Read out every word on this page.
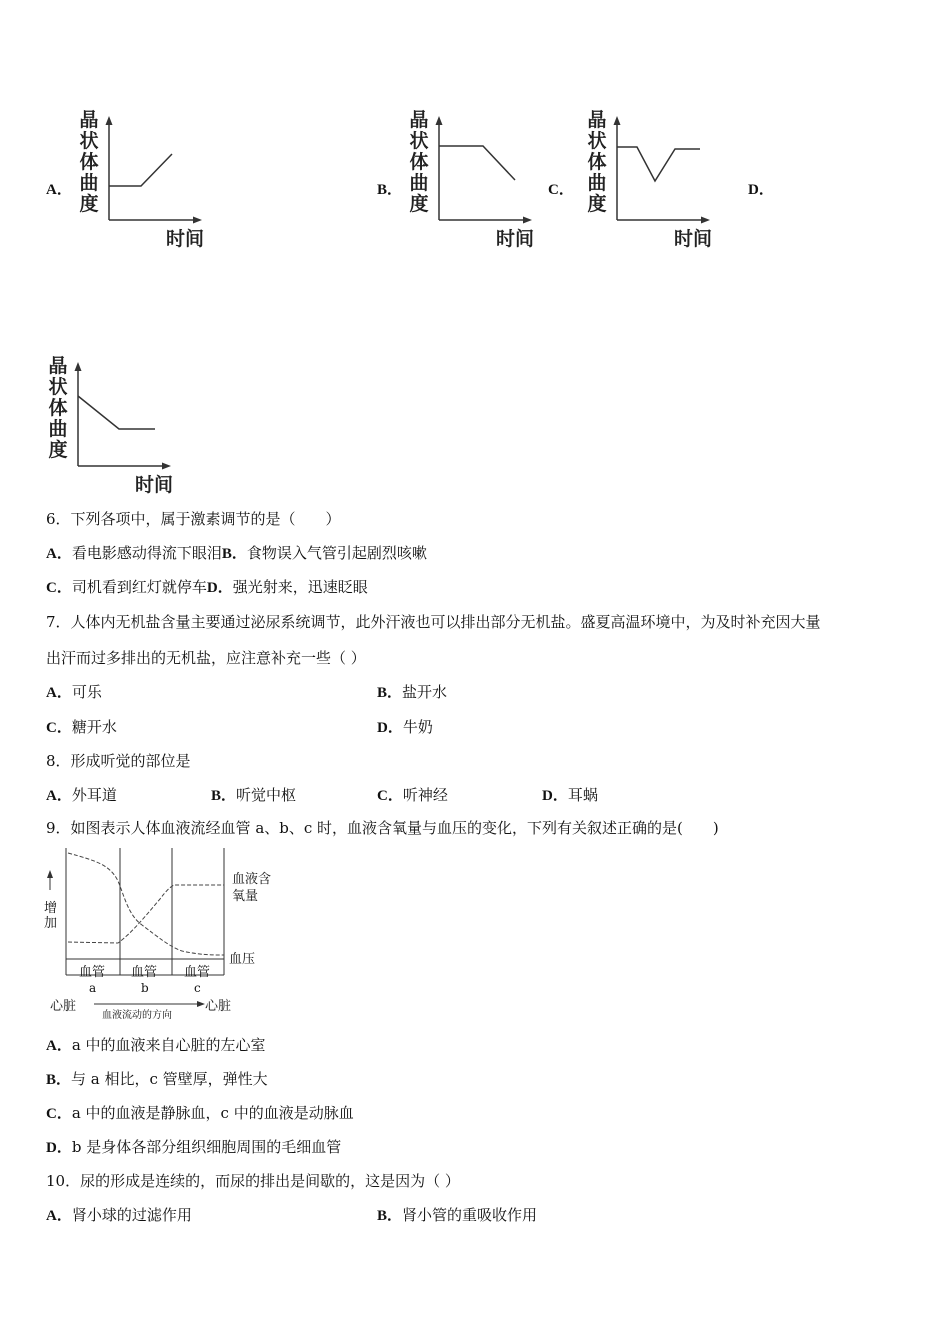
A．	B．	C．	D．
晶
状
体
曲
度
时间
晶
状
体
曲
度
时间
晶
状
体
曲
度
时间
晶
状
体
曲
度
时间
6．下列各项中，属于激素调节的是（　　）
A．看电影感动得流下眼泪B．食物误入气管引起剧烈咳嗽
C．司机看到红灯就停车D．强光射来，迅速眨眼
7．人体内无机盐含量主要通过泌尿系统调节，此外汗液也可以排出部分无机盐。盛夏高温环境中，为及时补充因大量
出汗而过多排出的无机盐，应注意补充一些（ ）
A．可乐	B．盐开水
C．糖开水	D．牛奶
8．形成听觉的部位是
A．外耳道	B．听觉中枢	C．听神经	D．耳蜗
9．如图表示人体血液流经血管 a、b、c 时，血液含氧量与血压的变化，下列有关叙述正确的是(　　)
增
加
血液含
氧量
血压
血管 血管 血管
a	b	c
心脏	心脏
血液流动的方向
A．a 中的血液来自心脏的左心室
B．与 a 相比，c 管壁厚，弹性大
C．a 中的血液是静脉血，c 中的血液是动脉血
D．b 是身体各部分组织细胞周围的毛细血管
10．尿的形成是连续的，而尿的排出是间歇的，这是因为（ ）
A．肾小球的过滤作用	B．肾小管的重吸收作用
